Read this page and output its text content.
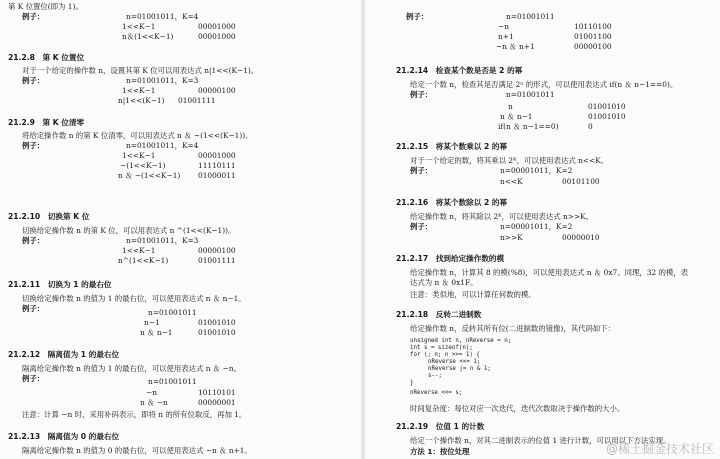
第 K 位置位(即为 1)。
例子：	n=01001011，K=4
1<<K−1	00001000
n＆(1<<K−1)	00001000
21.2.8　第 K 位置位
对于一个给定的操作数 n，设置其第 K 位可以用表达式 n|1<<(K−1)。
例子：	n=01001011，K=3
1<<K−1	00000100
n|1<<(K−1) 01001111
21.2.9　第 K 位清零
将给定操作数 n 的第 K 位清零，可以用表达式 n ＆ ~(1<<(K−1))。
例子：	n=01001011，K=4
1<<K−1	00001000
~(1<<K−1)	11110111
n ＆ ~(1<<K−1) 01000011
21.2.10　切换第 K 位
切换给定操作数 n 的第 K 位，可以用表达式 n ^(1<<(K−1))。
例子：	n=01001011，K=3
1<<K−1	00000100
n^(1<<K−1)	01001111
21.2.11　切换为 1 的最右位
切换给定操作数 n 的值为 1 的最右位，可以使用表达式 n ＆ n−1。
例子：	n=01001011
n−1	01001010
n ＆ n−1	01001010
21.2.12　隔离值为 1 的最右位
隔离给定操作数 n 的值为 1 的最右位，可以使用表达式 n ＆ −n。
例子：	n=01001011
−n	10110101
n ＆ −n	00000001
注意：计算 −n 时，采用补码表示，即将 n 的所有位取反，再加 1。
21.2.13　隔离值为 0 的最右位
隔离给定操作数 n 的值为 0 的最右位，可以使用表达式 ~n ＆ n+1。
例子：	n=01001011
~n	10110100
n+1	01001100
~n ＆ n+1	00000100
21.2.14　检查某个数是否是 2 的幂
给定一个数 n，检查其是否满足 2ⁿ 的形式，可以使用表达式 if(n ＆ n−1==0)。
例子：	n=01001011
n	01001010
n ＆ n−1	01001010
if(n ＆ n−1==0)	0
21.2.15　将某个数乘以 2 的幂
对于一个给定的数，将其乘以 2ᴷ，可以使用表达式 n<<K。
例子：	n=00001011，K=2
n<<K	00101100
21.2.16　将某个数除以 2 的幂
给定操作数 n，将其除以 2ᴷ，可以使用表达式 n>>K。
例子：	n=00001011，K=2
n>>K	00000010
21.2.17　找到给定操作数的模
给定操作数 n，计算其 8 的模(%8)，可以使用表达式 n ＆ 0x7。同理，32 的模，表
达式为 n ＆ 0x1F。
注意：类似地，可以计算任何数的模。
21.2.18　反转二进制数
给定操作数 n，反转其所有位(二进制数的镜像)，其代码如下：
unsigned int n, nReverse = n;
int s = sizeof(n);
for (; n; n >>= 1) {
nReverse <<= 1;
nReverse |= n & 1;
s--;
}
nReverse <<= s;
时间复杂度：每位对应一次迭代，迭代次数取决于操作数的大小。
21.2.19　位值 1 的计数
给定一个操作数 n，对其二进制表示的位值 1 进行计数，可以用以下方法实现。
方法 1：按位处理	@稀土掘金技术社区
